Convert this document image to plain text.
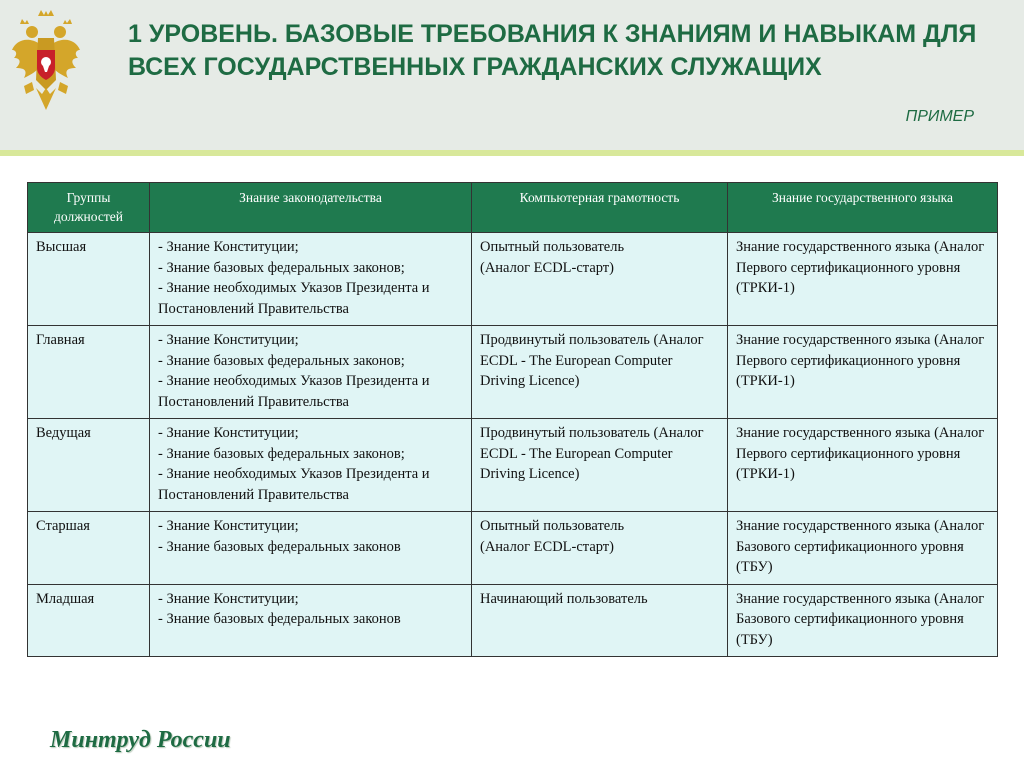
1 УРОВЕНЬ. БАЗОВЫЕ ТРЕБОВАНИЯ К ЗНАНИЯМ И НАВЫКАМ ДЛЯ ВСЕХ ГОСУДАРСТВЕННЫХ ГРАЖДАНСКИХ СЛУЖАЩИХ
ПРИМЕР
Группы должностей	Знание законодательства	Компьютерная грамотность	Знание государственного языка
Высшая	- Знание Конституции;
- Знание базовых федеральных законов;
- Знание необходимых Указов Президента и Постановлений Правительства	Опытный пользователь
(Аналог ECDL-старт)	Знание государственного языка (Аналог Первого сертификационного уровня (ТРКИ-1)
Главная	- Знание Конституции;
- Знание базовых федеральных законов;
- Знание необходимых Указов Президента и Постановлений Правительства	Продвинутый пользователь (Аналог ECDL - The European Computer Driving Licence)	Знание государственного языка (Аналог Первого сертификационного уровня (ТРКИ-1)
Ведущая	- Знание Конституции;
- Знание базовых федеральных законов;
- Знание необходимых Указов Президента и Постановлений Правительства	Продвинутый пользователь (Аналог ECDL - The European Computer Driving Licence)	Знание государственного языка (Аналог Первого сертификационного уровня (ТРКИ-1)
Старшая	- Знание Конституции;
- Знание базовых федеральных законов	Опытный пользователь
(Аналог ECDL-старт)	Знание государственного языка (Аналог Базового сертификационного уровня (ТБУ)
Младшая	- Знание Конституции;
- Знание базовых федеральных законов	Начинающий пользователь	Знание государственного языка (Аналог Базового сертификационного уровня (ТБУ)
Минтруд России
